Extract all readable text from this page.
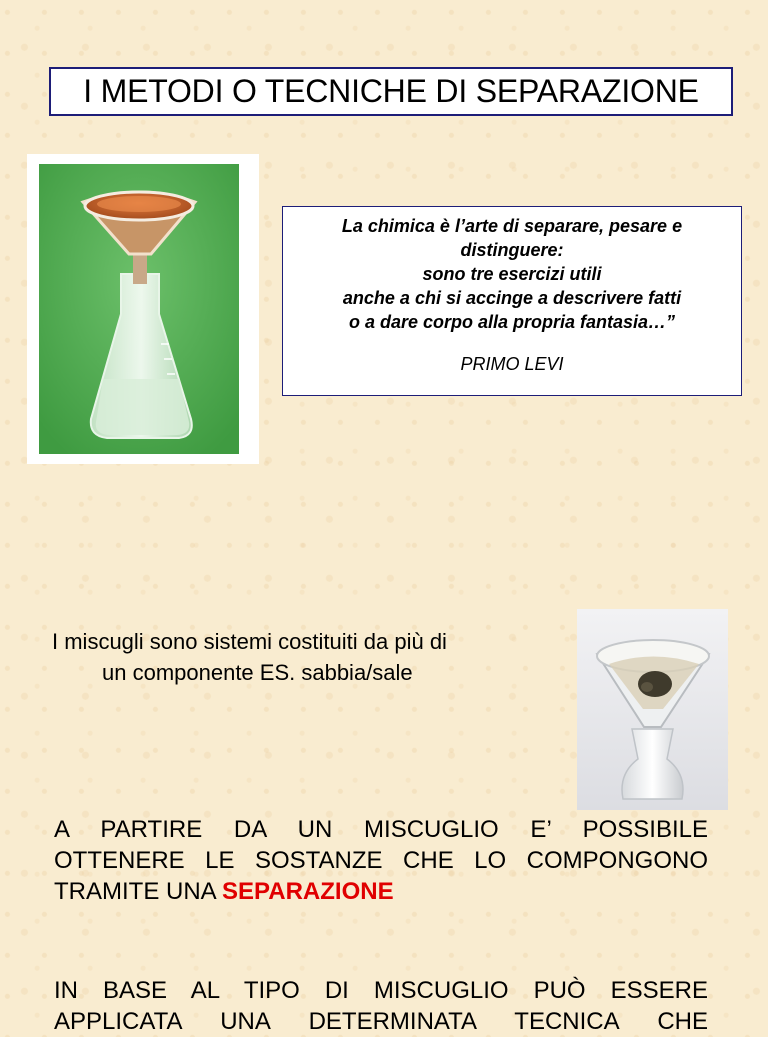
I METODI O TECNICHE DI SEPARAZIONE
La chimica è l’arte di separare, pesare e
distinguere:
sono tre esercizi utili
anche a chi si accinge a descrivere fatti
o a dare corpo alla propria fantasia…”
PRIMO LEVI
I miscugli sono sistemi costituiti da più di
un componente ES. sabbia/sale
A PARTIRE DA UN MISCUGLIO E’ POSSIBILE
OTTENERE LE SOSTANZE CHE LO COMPONGONO
TRAMITE UNA SEPARAZIONE
IN BASE AL TIPO DI MISCUGLIO PUÒ ESSERE
APPLICATA UNA DETERMINATA TECNICA CHE
